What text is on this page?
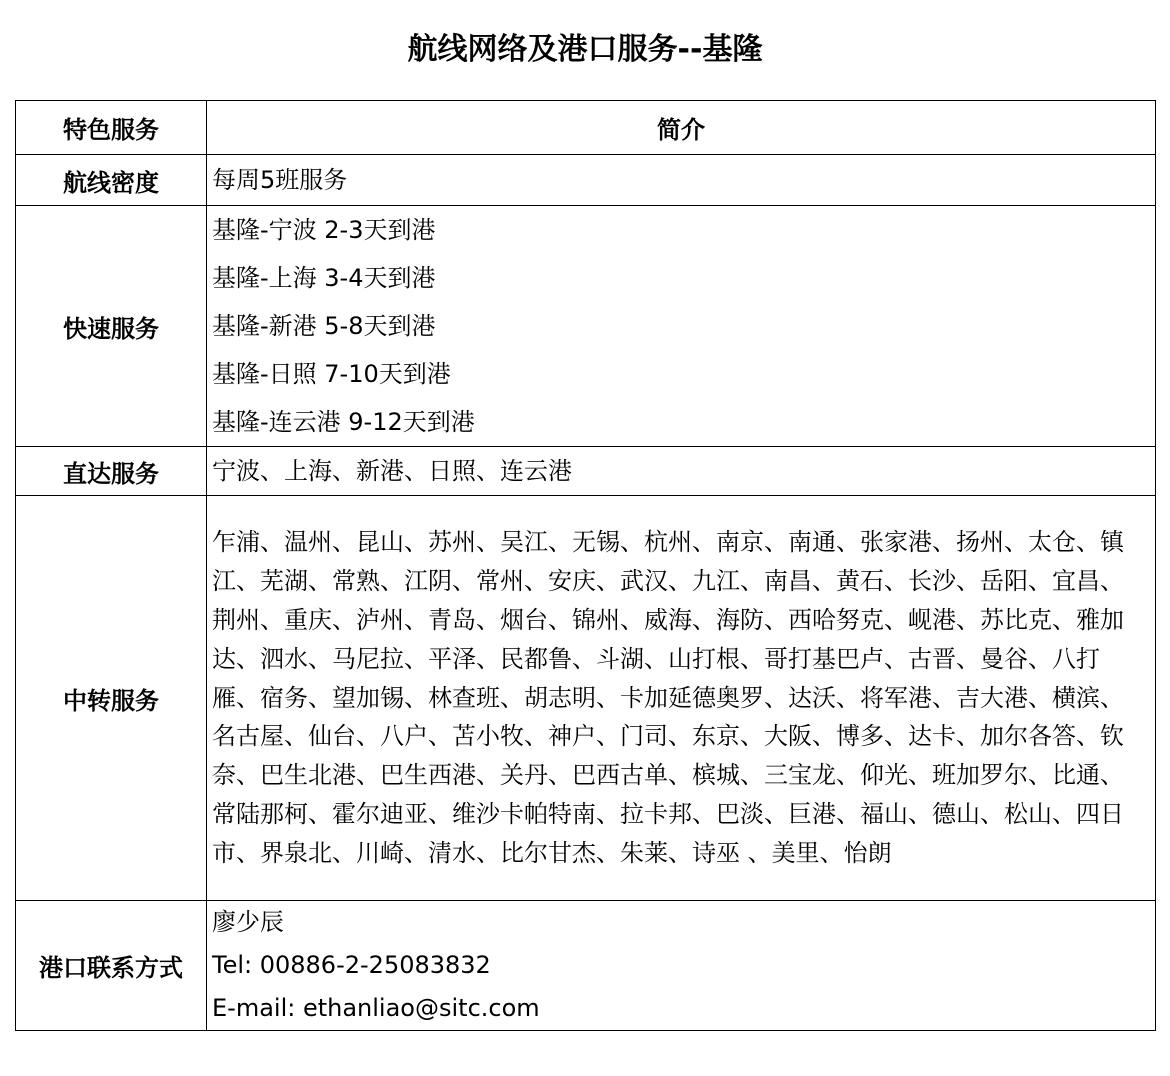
航线网络及港口服务--基隆
特色服务	简介
航线密度	每周5班服务

快速服务	基隆-宁波 2-3天到港
基隆-上海 3-4天到港
基隆-新港 5-8天到港
基隆-日照 7-10天到港
基隆-连云港 9-12天到港

直达服务	宁波、上海、新港、日照、连云港

中转服务	乍浦、温州、昆山、苏州、吴江、无锡、杭州、南京、南通、张家港、扬州、太仓、镇江、芜湖、常熟、江阴、常州、安庆、武汉、九江、南昌、黄石、长沙、岳阳、宜昌、荆州、重庆、泸州、青岛、烟台、锦州、威海、海防、西哈努克、岘港、苏比克、雅加达、泗水、马尼拉、平泽、民都鲁、斗湖、山打根、哥打基巴卢、古晋、曼谷、八打雁、宿务、望加锡、林查班、胡志明、卡加延德奥罗、达沃、将军港、吉大港、横滨、名古屋、仙台、八户、苫小牧、神户、门司、东京、大阪、博多、达卡、加尔各答、钦奈、巴生北港、巴生西港、关丹、巴西古单、槟城、三宝龙、仰光、班加罗尔、比通、常陆那柯、霍尔迪亚、维沙卡帕特南、拉卡邦、巴淡、巨港、福山、德山、松山、四日市、界泉北、川崎、清水、比尔甘杰、朱莱、诗巫 、美里、怡朗

港口联系方式	廖少辰
Tel: 00886-2-25083832
E-mail: ethanliao@sitc.com
